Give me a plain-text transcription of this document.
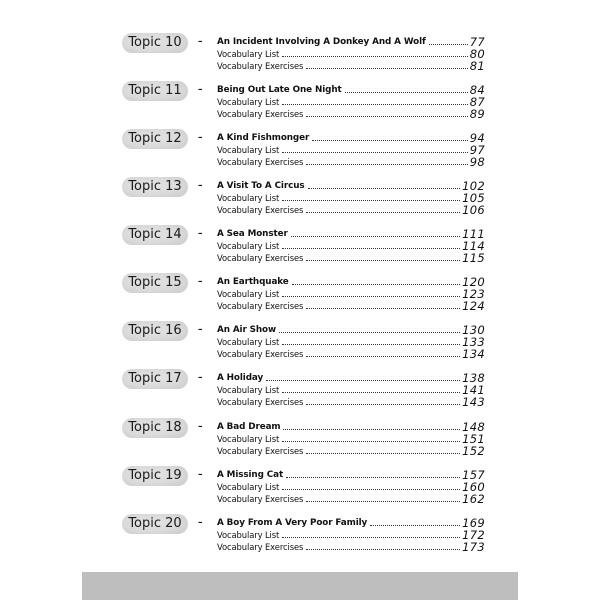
Topic 10	– An Incident Involving A Donkey And A Wolf	77
Vocabulary List	80
Vocabulary Exercises	81
Topic 11	– Being Out Late One Night	84
Vocabulary List	87
Vocabulary Exercises	89
Topic 12	– A Kind Fishmonger	94
Vocabulary List	97
Vocabulary Exercises	98
Topic 13	– A Visit To A Circus	102
Vocabulary List	105
Vocabulary Exercises	106
Topic 14	– A Sea Monster	111
Vocabulary List	114
Vocabulary Exercises	115
Topic 15	– An Earthquake	120
Vocabulary List	123
Vocabulary Exercises	124
Topic 16	– An Air Show	130
Vocabulary List	133
Vocabulary Exercises	134
Topic 17	– A Holiday	138
Vocabulary List	141
Vocabulary Exercises	143
Topic 18	– A Bad Dream	148
Vocabulary List	151
Vocabulary Exercises	152
Topic 19	– A Missing Cat	157
Vocabulary List	160
Vocabulary Exercises	162
Topic 20	– A Boy From A Very Poor Family	169
Vocabulary List	172
Vocabulary Exercises	173
